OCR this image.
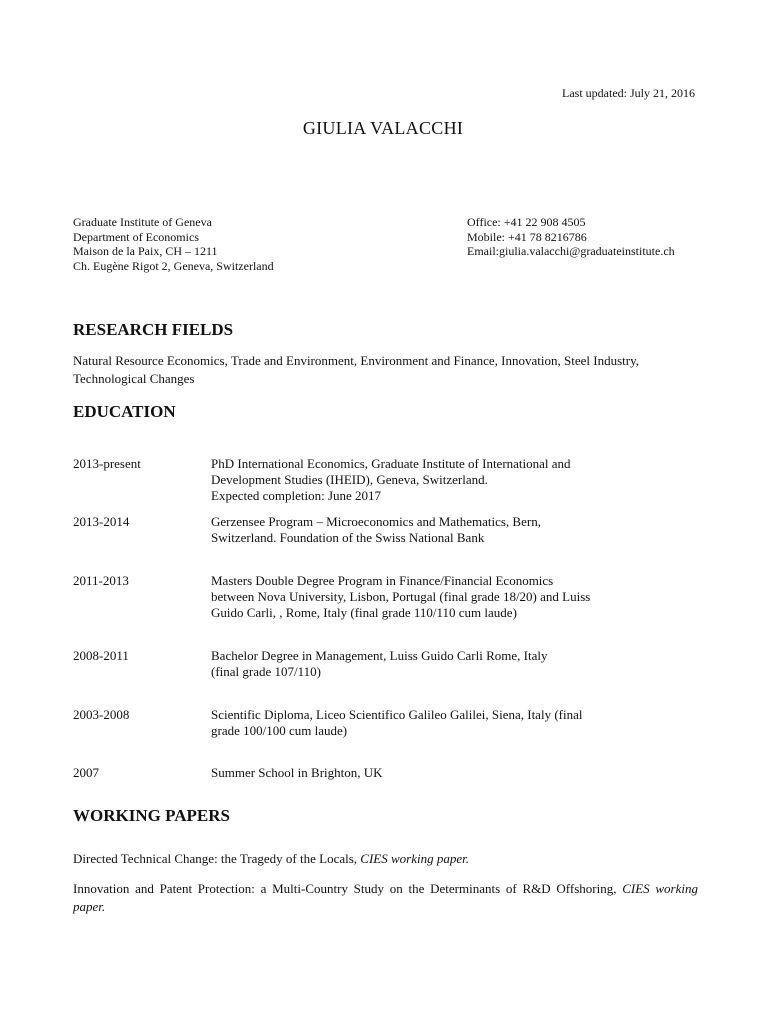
Last updated: July 21, 2016
GIULIA VALACCHI
Graduate Institute of Geneva
Department of Economics
Maison de la Paix, CH – 1211
Ch. Eugène Rigot 2, Geneva, Switzerland
Office: +41 22 908 4505
Mobile: +41 78 8216786
Email:giulia.valacchi@graduateinstitute.ch
RESEARCH FIELDS
Natural Resource Economics, Trade and Environment, Environment and Finance, Innovation, Steel Industry,
Technological Changes
EDUCATION
2013-present	PhD International Economics, Graduate Institute of International and
Development Studies (IHEID), Geneva, Switzerland.
Expected completion: June 2017
2013-2014	Gerzensee Program – Microeconomics and Mathematics, Bern,
Switzerland. Foundation of the Swiss National Bank
2011-2013	Masters Double Degree Program in Finance/Financial Economics
between Nova University, Lisbon, Portugal (final grade 18/20) and Luiss
Guido Carli, , Rome, Italy (final grade 110/110 cum laude)
2008-2011	Bachelor Degree in Management, Luiss Guido Carli Rome, Italy
(final grade 107/110)
2003-2008	Scientific Diploma, Liceo Scientifico Galileo Galilei, Siena, Italy (final
grade 100/100 cum laude)
2007	Summer School in Brighton, UK
WORKING PAPERS
Directed Technical Change: the Tragedy of the Locals, CIES working paper.
Innovation and Patent Protection: a Multi-Country Study on the Determinants of R&D Offshoring, CIES working paper.
